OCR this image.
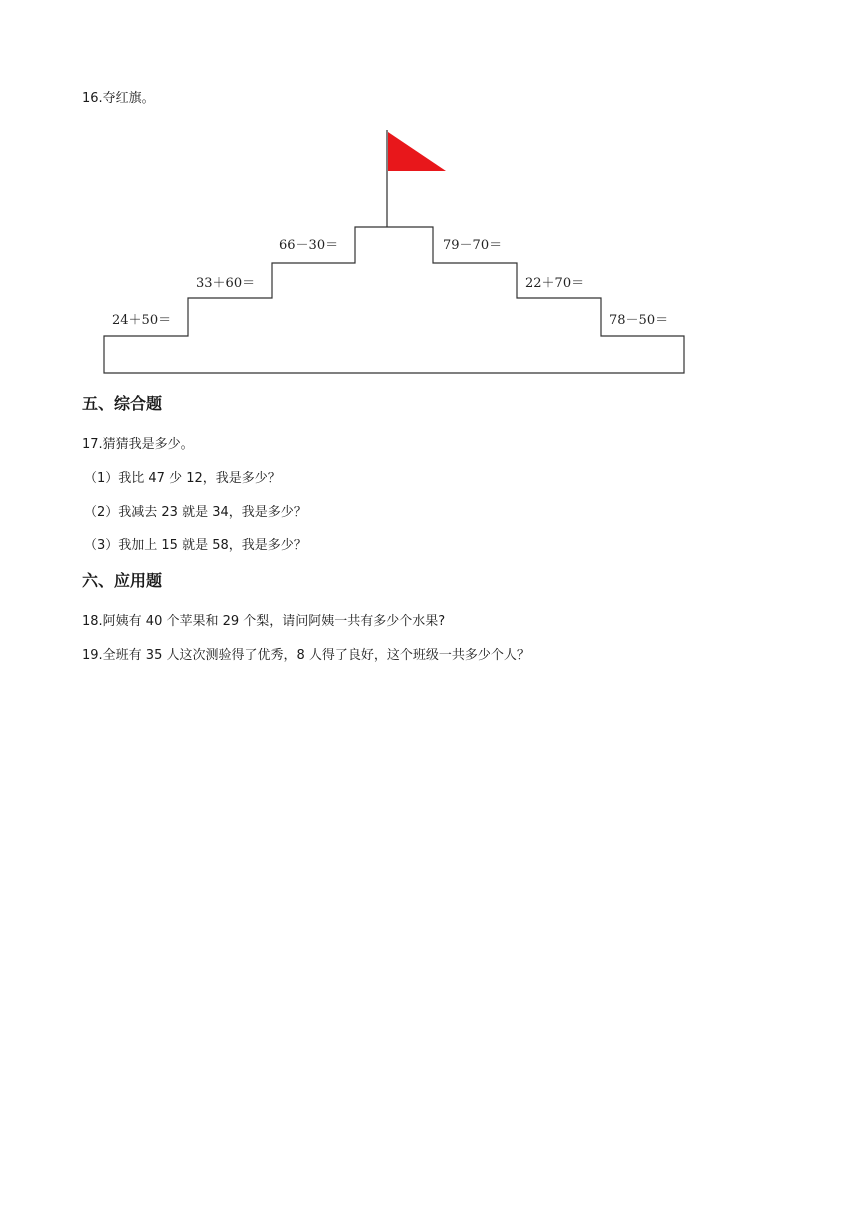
16.夺红旗。
24＋50＝
33＋60＝
66－30＝	79－70＝
22＋70＝
78－50＝
五、综合题
17.猜猜我是多少。
（1）我比 47 少 12，我是多少？
（2）我减去 23 就是 34，我是多少？
（3）我加上 15 就是 58，我是多少？
六、应用题
18.阿姨有 40 个苹果和 29 个梨，请问阿姨一共有多少个水果?
19.全班有 35 人这次测验得了优秀，8 人得了良好，这个班级一共多少个人？
